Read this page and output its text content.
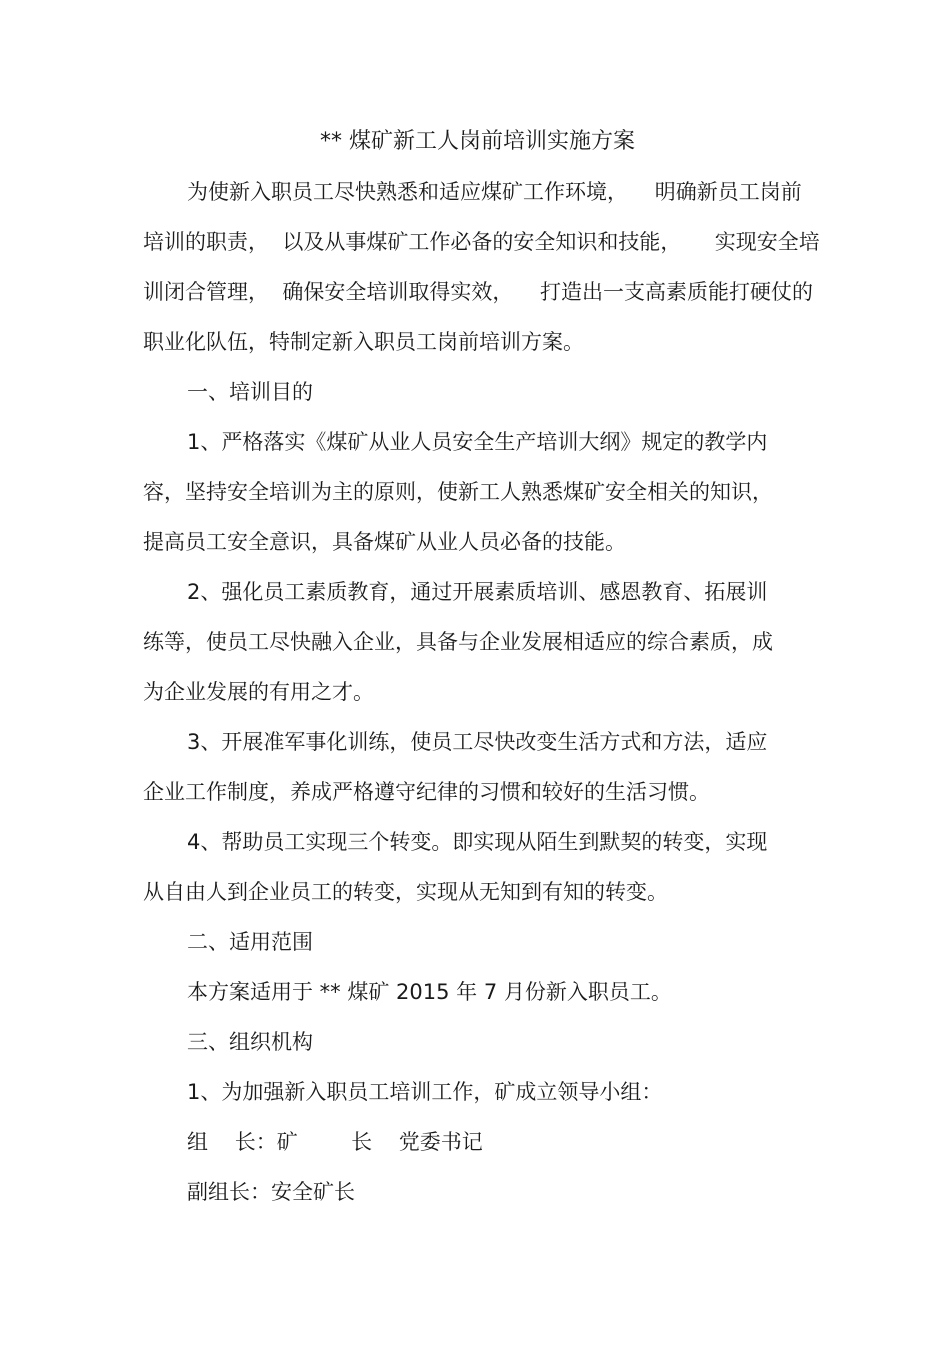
** 煤矿新工人岗前培训实施方案
为使新入职员工尽快熟悉和适应煤矿工作环境，    明确新员工岗前
培训的职责，  以及从事煤矿工作必备的安全知识和技能，     实现安全培
训闭合管理，  确保安全培训取得实效，    打造出一支高素质能打硬仗的
职业化队伍，特制定新入职员工岗前培训方案。
一、培训目的
1、严格落实《煤矿从业人员安全生产培训大纲》规定的教学内
容，坚持安全培训为主的原则，使新工人熟悉煤矿安全相关的知识，
提高员工安全意识，具备煤矿从业人员必备的技能。
2、强化员工素质教育，通过开展素质培训、感恩教育、拓展训
练等，使员工尽快融入企业，具备与企业发展相适应的综合素质，成
为企业发展的有用之才。
3、开展准军事化训练，使员工尽快改变生活方式和方法，适应
企业工作制度，养成严格遵守纪律的习惯和较好的生活习惯。
4、帮助员工实现三个转变。即实现从陌生到默契的转变，实现
从自由人到企业员工的转变，实现从无知到有知的转变。
二、适用范围
本方案适用于 ** 煤矿 2015 年 7 月份新入职员工。
三、组织机构
1、为加强新入职员工培训工作，矿成立领导小组：
组    长：矿        长    党委书记
副组长：安全矿长
